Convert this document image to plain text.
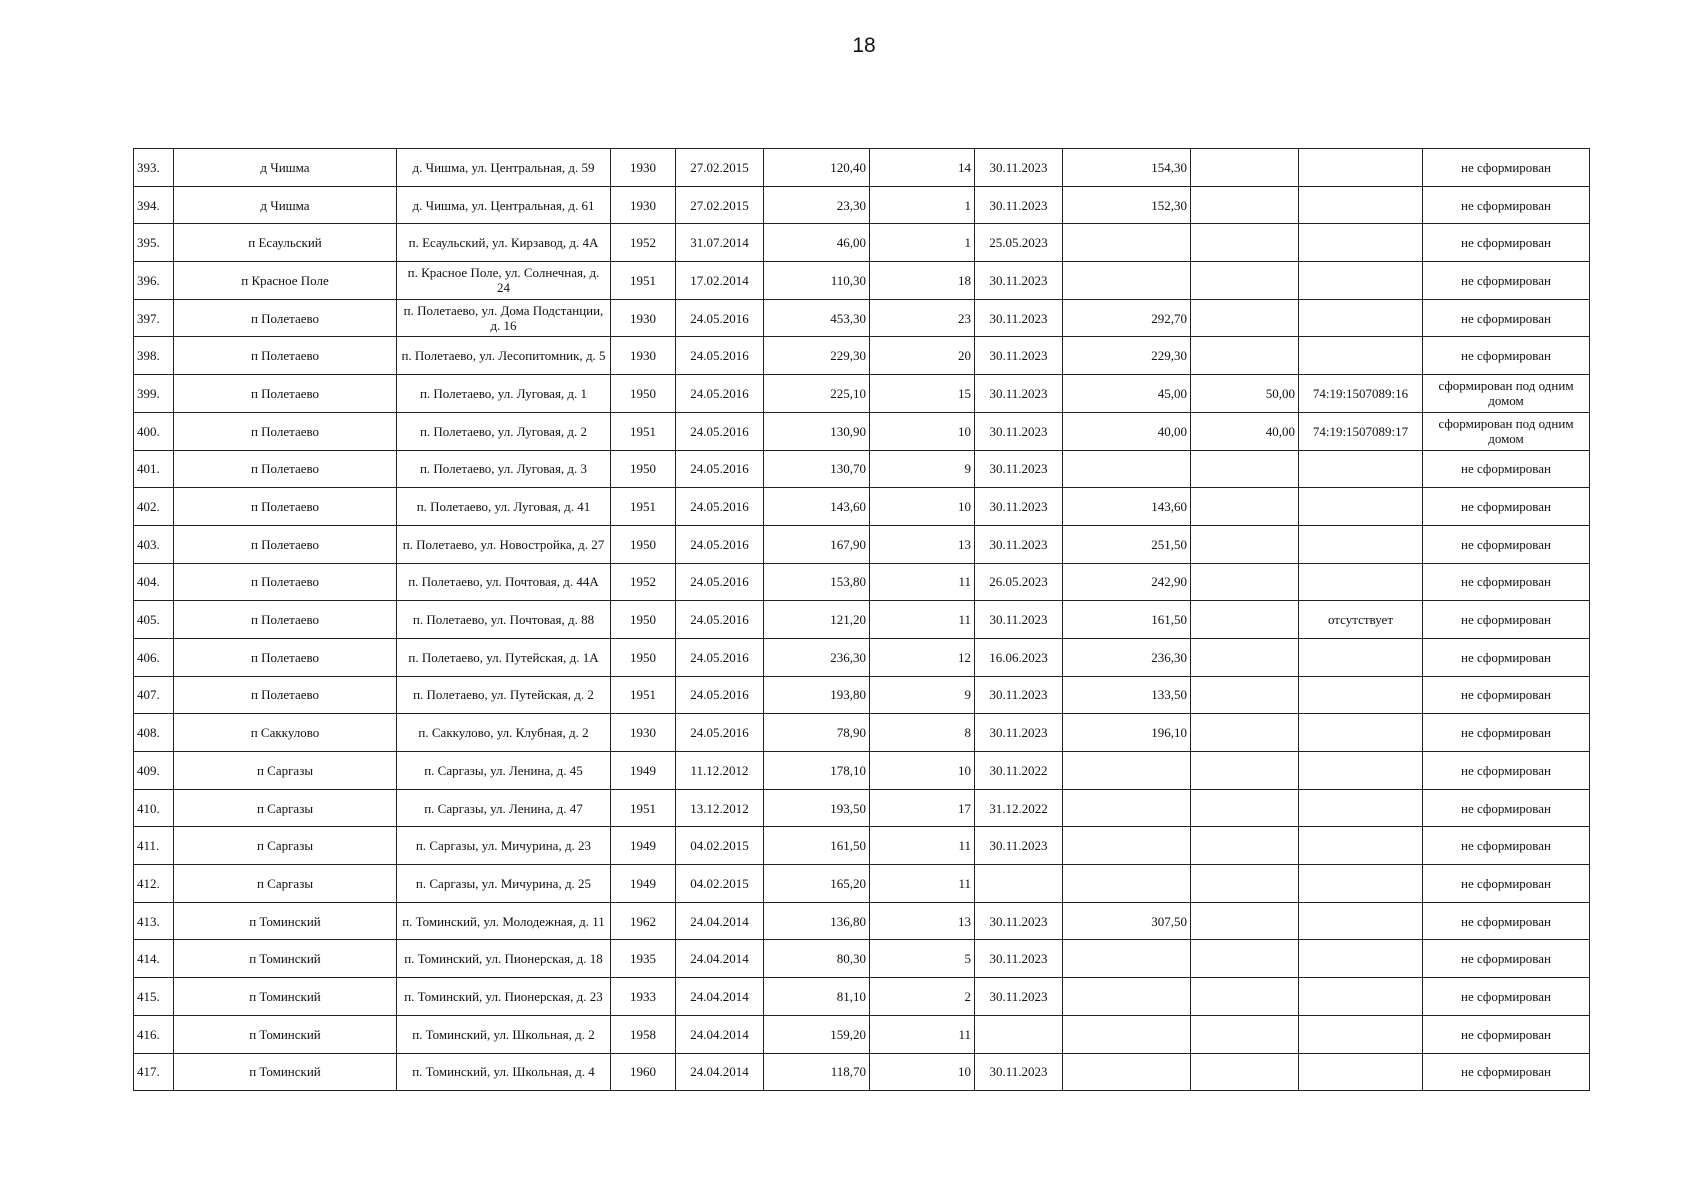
18
393.	д Чишма	д. Чишма, ул. Центральная, д. 59	1930	27.02.2015	120,40	14	30.11.2023	154,30			не сформирован
394.	д Чишма	д. Чишма, ул. Центральная, д. 61	1930	27.02.2015	23,30	1	30.11.2023	152,30			не сформирован
395.	п Есаульский	п. Есаульский, ул. Кирзавод, д. 4А	1952	31.07.2014	46,00	1	25.05.2023				не сформирован
396.	п Красное Поле	п. Красное Поле, ул. Солнечная, д. 24	1951	17.02.2014	110,30	18	30.11.2023				не сформирован
397.	п Полетаево	п. Полетаево, ул. Дома Подстанции, д. 16	1930	24.05.2016	453,30	23	30.11.2023	292,70			не сформирован
398.	п Полетаево	п. Полетаево, ул. Лесопитомник, д. 5	1930	24.05.2016	229,30	20	30.11.2023	229,30			не сформирован
399.	п Полетаево	п. Полетаево, ул. Луговая, д. 1	1950	24.05.2016	225,10	15	30.11.2023	45,00	50,00	74:19:1507089:16	сформирован под одним домом
400.	п Полетаево	п. Полетаево, ул. Луговая, д. 2	1951	24.05.2016	130,90	10	30.11.2023	40,00	40,00	74:19:1507089:17	сформирован под одним домом
401.	п Полетаево	п. Полетаево, ул. Луговая, д. 3	1950	24.05.2016	130,70	9	30.11.2023				не сформирован
402.	п Полетаево	п. Полетаево, ул. Луговая, д. 41	1951	24.05.2016	143,60	10	30.11.2023	143,60			не сформирован
403.	п Полетаево	п. Полетаево, ул. Новостройка, д. 27	1950	24.05.2016	167,90	13	30.11.2023	251,50			не сформирован
404.	п Полетаево	п. Полетаево, ул. Почтовая, д. 44А	1952	24.05.2016	153,80	11	26.05.2023	242,90			не сформирован
405.	п Полетаево	п. Полетаево, ул. Почтовая, д. 88	1950	24.05.2016	121,20	11	30.11.2023	161,50		отсутствует	не сформирован
406.	п Полетаево	п. Полетаево, ул. Путейская, д. 1А	1950	24.05.2016	236,30	12	16.06.2023	236,30			не сформирован
407.	п Полетаево	п. Полетаево, ул. Путейская, д. 2	1951	24.05.2016	193,80	9	30.11.2023	133,50			не сформирован
408.	п Саккулово	п. Саккулово, ул. Клубная, д. 2	1930	24.05.2016	78,90	8	30.11.2023	196,10			не сформирован
409.	п Саргазы	п. Саргазы, ул. Ленина, д. 45	1949	11.12.2012	178,10	10	30.11.2022				не сформирован
410.	п Саргазы	п. Саргазы, ул. Ленина, д. 47	1951	13.12.2012	193,50	17	31.12.2022				не сформирован
411.	п Саргазы	п. Саргазы, ул. Мичурина, д. 23	1949	04.02.2015	161,50	11	30.11.2023				не сформирован
412.	п Саргазы	п. Саргазы, ул. Мичурина, д. 25	1949	04.02.2015	165,20	11					не сформирован
413.	п Томинский	п. Томинский, ул. Молодежная, д. 11	1962	24.04.2014	136,80	13	30.11.2023	307,50			не сформирован
414.	п Томинский	п. Томинский, ул. Пионерская, д. 18	1935	24.04.2014	80,30	5	30.11.2023				не сформирован
415.	п Томинский	п. Томинский, ул. Пионерская, д. 23	1933	24.04.2014	81,10	2	30.11.2023				не сформирован
416.	п Томинский	п. Томинский, ул. Школьная, д. 2	1958	24.04.2014	159,20	11					не сформирован
417.	п Томинский	п. Томинский, ул. Школьная, д. 4	1960	24.04.2014	118,70	10	30.11.2023				не сформирован
